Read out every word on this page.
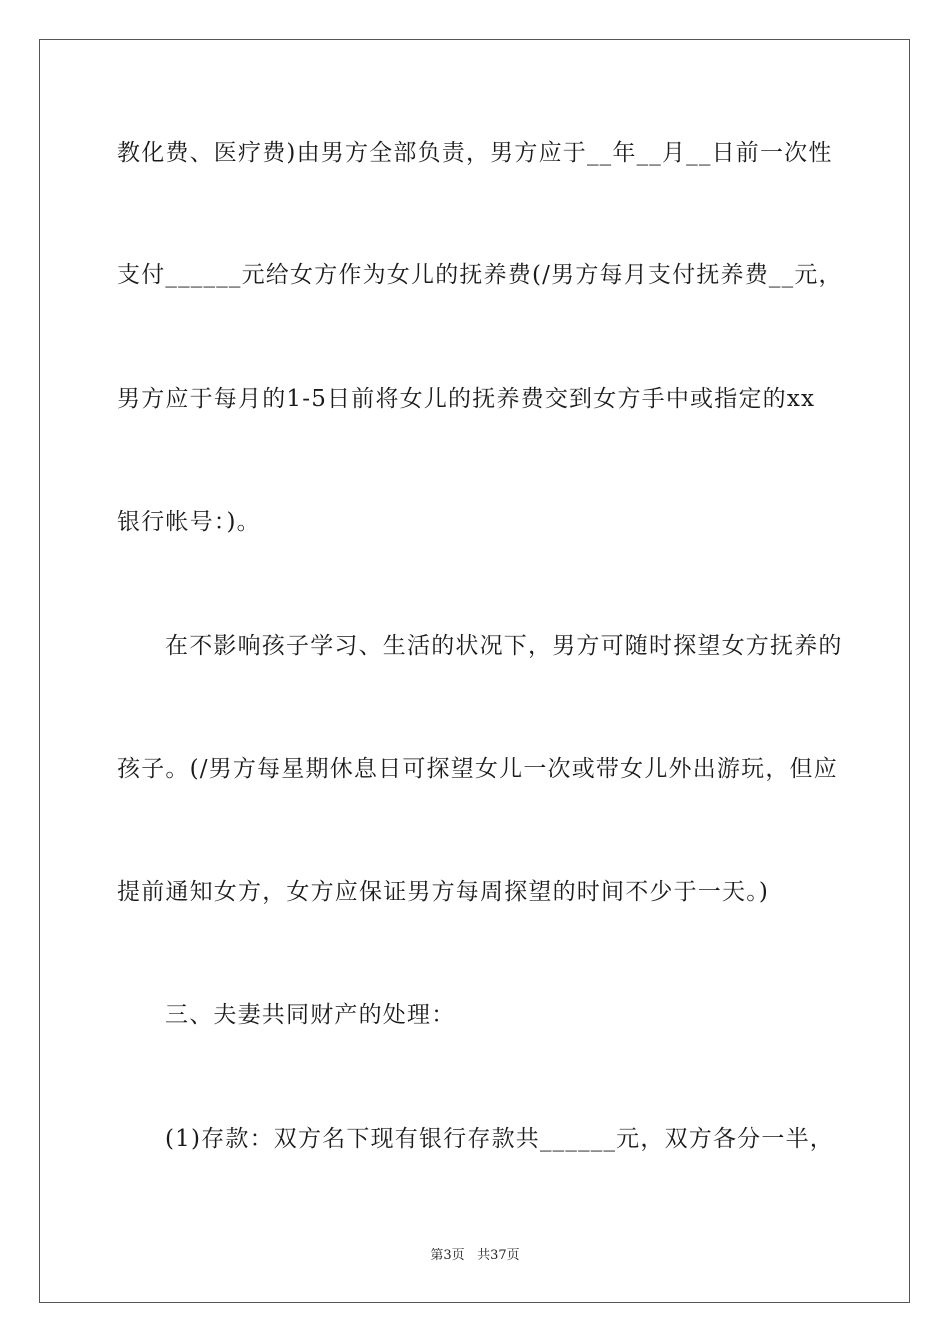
教化费、医疗费)由男方全部负责，男方应于__年__月__日前一次性
支付______元给女方作为女儿的抚养费(/男方每月支付抚养费__元，
男方应于每月的1-5日前将女儿的抚养费交到女方手中或指定的xx
银行帐号：)。
在不影响孩子学习、生活的状况下，男方可随时探望女方抚养的
孩子。(/男方每星期休息日可探望女儿一次或带女儿外出游玩，但应
提前通知女方，女方应保证男方每周探望的时间不少于一天。)
三、夫妻共同财产的处理：
(1)存款：双方名下现有银行存款共______元，双方各分一半，
第3页 共37页
